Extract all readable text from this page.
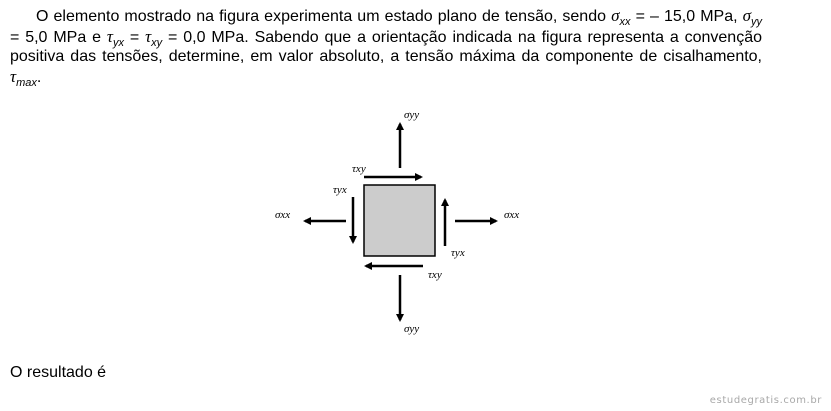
O elemento mostrado na figura experimenta um estado plano de tensão, sendo $\sigma_{xx}$ = – 15,0 MPa, $\sigma_{yy} = 5,0$ MPa e $\tau_{yx} = \tau_{xy} = 0,0$ MPa. Sabendo que a orientação indicada na figura representa a convenção positiva das tensões, determine, em valor absoluto, a tensão máxima da componente de cisalhamento, $\tau_{max}$.

σyy
σyy
σxx	σxx
τxy
τxy
τyx
τyx

O resultado é

estudegratis.com.br
